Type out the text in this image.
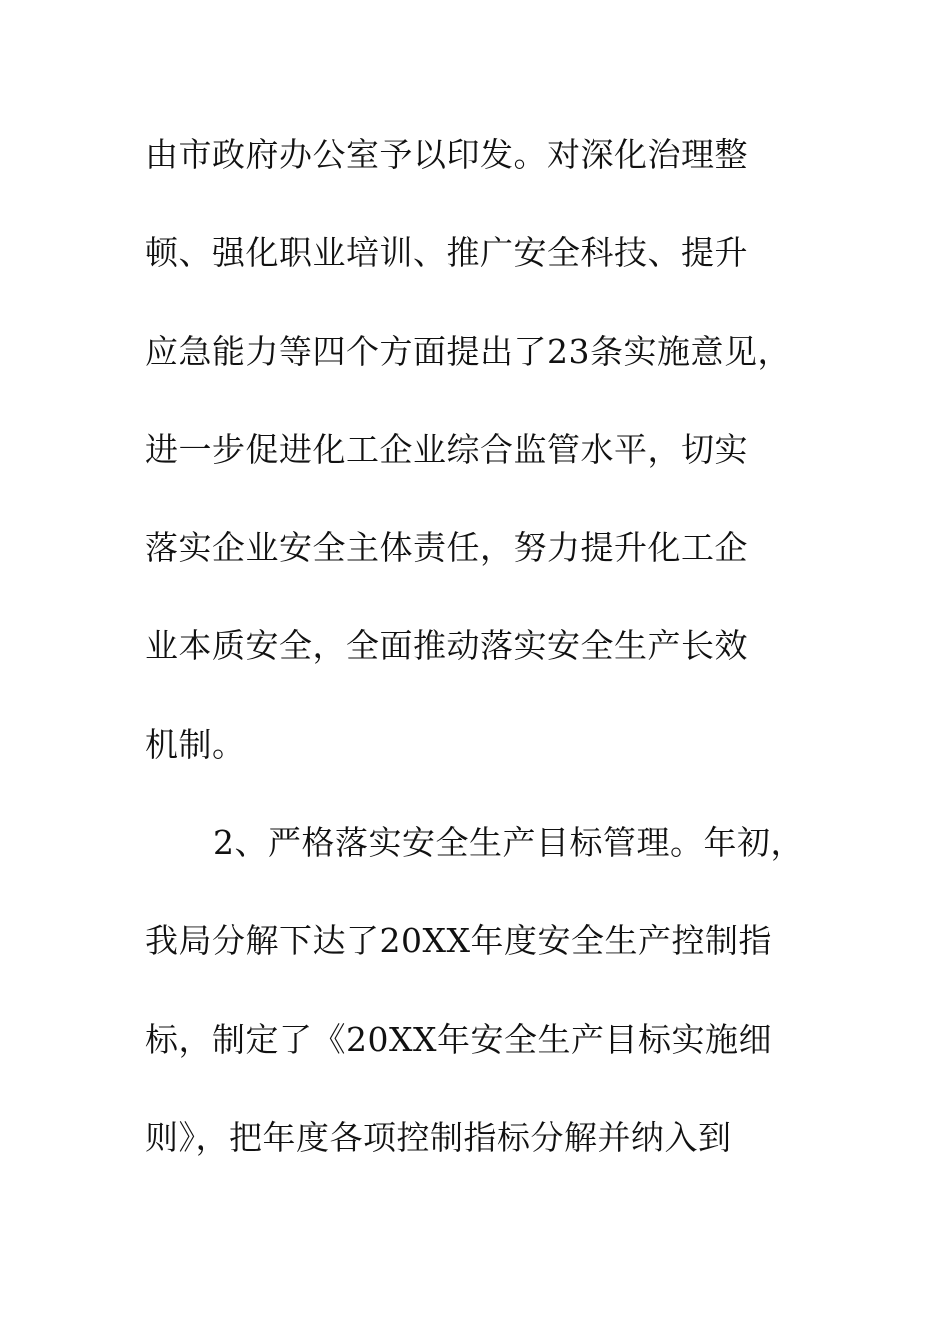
由市政府办公室予以印发。对深化治理整
顿、强化职业培训、推广安全科技、提升
应急能力等四个方面提出了23条实施意见，
进一步促进化工企业综合监管水平，切实
落实企业安全主体责任，努力提升化工企
业本质安全，全面推动落实安全生产长效
机制。
2、严格落实安全生产目标管理。年初，
我局分解下达了20XX年度安全生产控制指
标，制定了《20XX年安全生产目标实施细
则》，把年度各项控制指标分解并纳入到
